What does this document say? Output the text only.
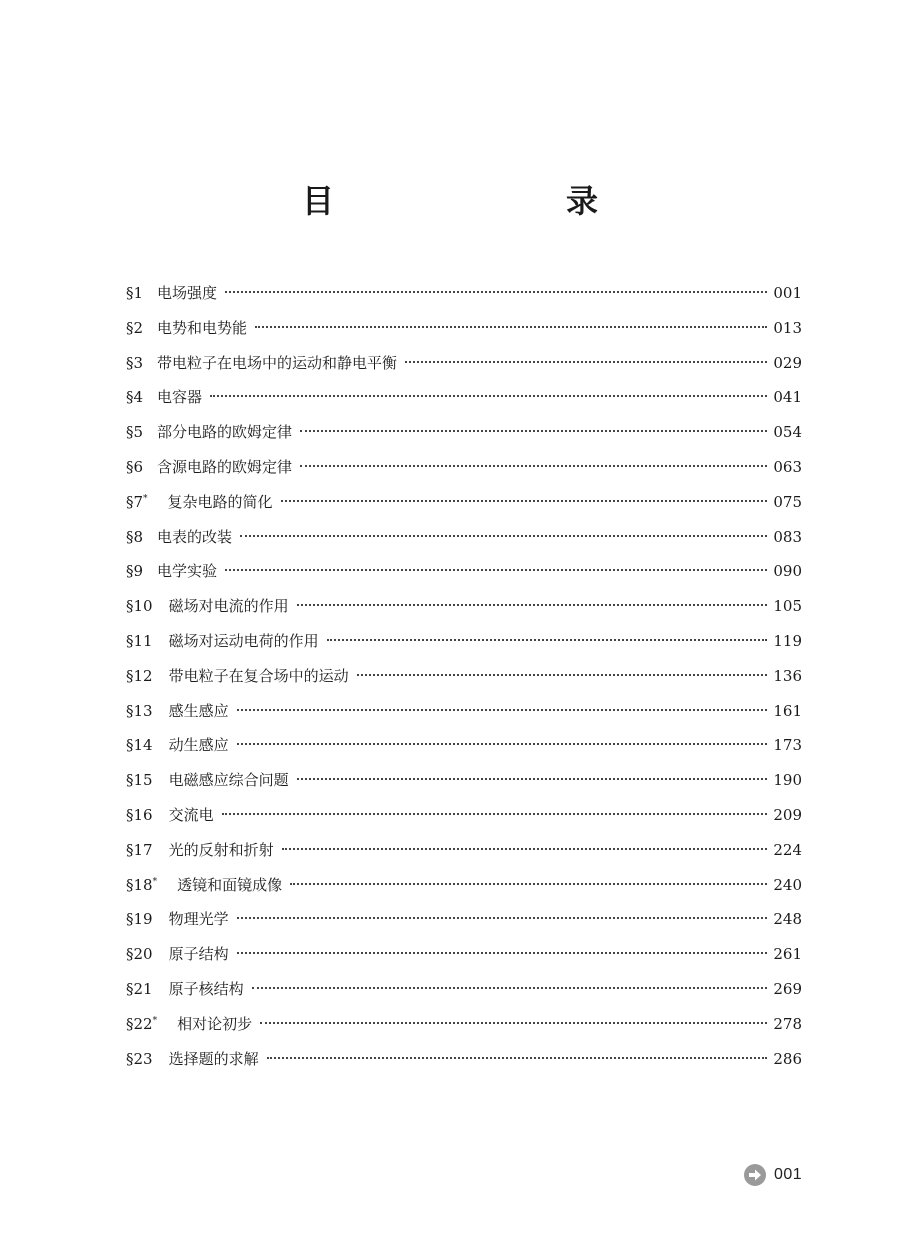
目　　录
§1 电场强度	001
§2 电势和电势能	013
§3 带电粒子在电场中的运动和静电平衡	029
§4 电容器	041
§5 部分电路的欧姆定律	054
§6 含源电路的欧姆定律	063
§7* 复杂电路的简化	075
§8 电表的改装	083
§9 电学实验	090
§10 磁场对电流的作用	105
§11 磁场对运动电荷的作用	119
§12 带电粒子在复合场中的运动	136
§13 感生感应	161
§14 动生感应	173
§15 电磁感应综合问题	190
§16 交流电	209
§17 光的反射和折射	224
§18* 透镜和面镜成像	240
§19 物理光学	248
§20 原子结构	261
§21 原子核结构	269
§22* 相对论初步	278
§23 选择题的求解	286
001
